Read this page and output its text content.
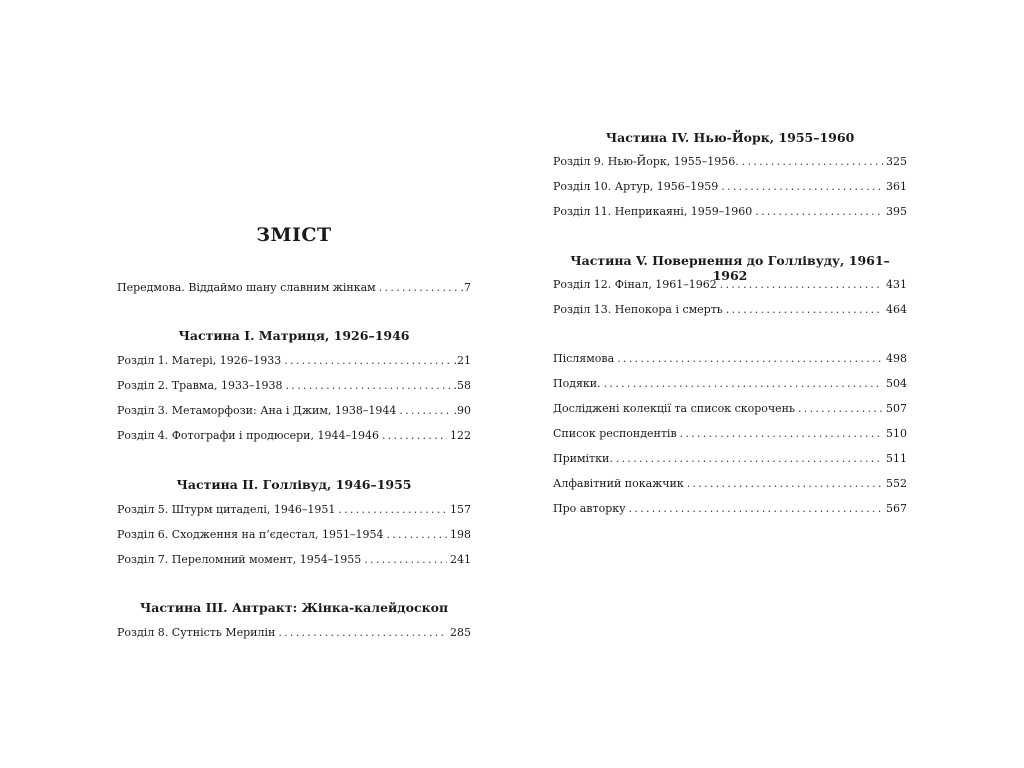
ЗМІСТ
Передмова. Віддаймо шану славним жінкам . . .	.7
Частина І. Матриця, 1926–1946
Розділ 1. Матері, 1926–1933 . . .	.21
Розділ 2. Травма, 1933–1938 . . .	.58
Розділ 3. Метаморфози: Ана і Джим, 1938–1944 . . .	.90
Розділ 4. Фотографи і продюсери, 1944–1946 . . .	122
Частина ІІ. Голлівуд, 1946–1955
Розділ 5. Штурм цитаделі, 1946–1951 . . .	157
Розділ 6. Сходження на п’єдестал, 1951–1954 . . .	198
Розділ 7. Переломний момент, 1954–1955 . . .	241
Частина ІІІ. Антракт: Жінка-калейдоскоп
Розділ 8. Сутність Мерилін . . .	285
Частина IV. Нью-Йорк, 1955–1960
Розділ 9. Нью-Йорк, 1955–1956. . . .	325
Розділ 10. Артур, 1956–1959 . . .	361
Розділ 11. Неприкаяні, 1959–1960 . . .	395
Частина V. Повернення до Голлівуду, 1961–1962
Розділ 12. Фінал, 1961–1962 . . .	431
Розділ 13. Непокора і смерть . . .	464
Післямова . . .	498
Подяки. . . .	504
Досліджені колекції та список скорочень . . .	507
Список респондентів . . .	510
Примітки. . . .	511
Алфавітний покажчик . . .	552
Про авторку . . .	567
